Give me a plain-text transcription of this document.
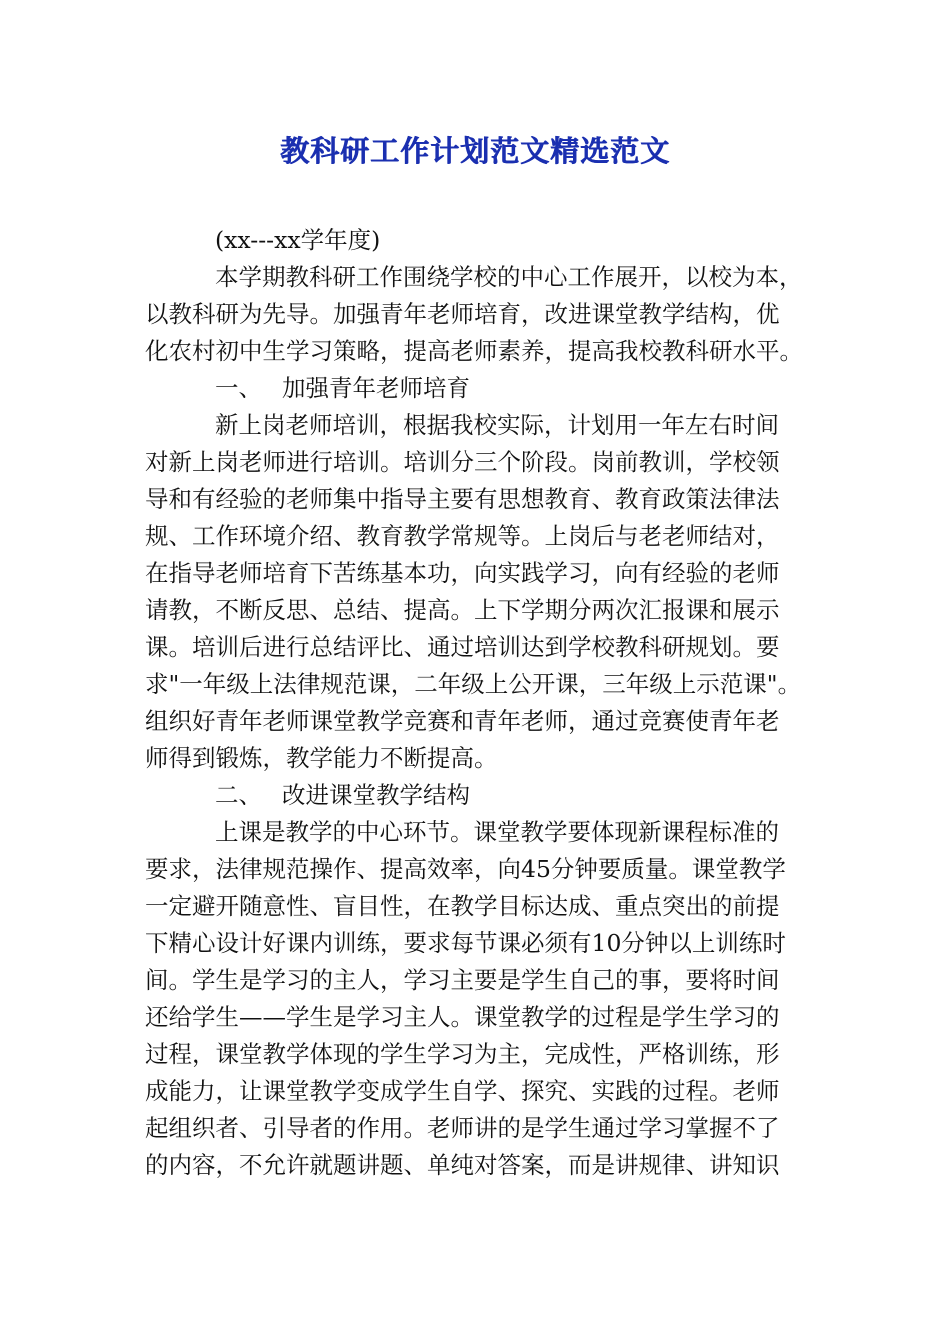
教科研工作计划范文精选范文
(xx---xx学年度)
本学期教科研工作围绕学校的中心工作展开，以校为本，
以教科研为先导。加强青年老师培育，改进课堂教学结构，优
化农村初中生学习策略，提高老师素养，提高我校教科研水平。
一、 加强青年老师培育
新上岗老师培训，根据我校实际，计划用一年左右时间
对新上岗老师进行培训。培训分三个阶段。岗前教训，学校领
导和有经验的老师集中指导主要有思想教育、教育政策法律法
规、工作环境介绍、教育教学常规等。上岗后与老老师结对，
在指导老师培育下苦练基本功，向实践学习，向有经验的老师
请教，不断反思、总结、提高。上下学期分两次汇报课和展示
课。培训后进行总结评比、通过培训达到学校教科研规划。要
求"一年级上法律规范课，二年级上公开课，三年级上示范课"。
组织好青年老师课堂教学竞赛和青年老师，通过竞赛使青年老
师得到锻炼，教学能力不断提高。
二、 改进课堂教学结构
上课是教学的中心环节。课堂教学要体现新课程标准的
要求，法律规范操作、提高效率，向45分钟要质量。课堂教学
一定避开随意性、盲目性，在教学目标达成、重点突出的前提
下精心设计好课内训练，要求每节课必须有10分钟以上训练时
间。学生是学习的主人，学习主要是学生自己的事，要将时间
还给学生——学生是学习主人。课堂教学的过程是学生学习的
过程，课堂教学体现的学生学习为主，完成性，严格训练，形
成能力，让课堂教学变成学生自学、探究、实践的过程。老师
起组织者、引导者的作用。老师讲的是学生通过学习掌握不了
的内容，不允许就题讲题、单纯对答案，而是讲规律、讲知识
